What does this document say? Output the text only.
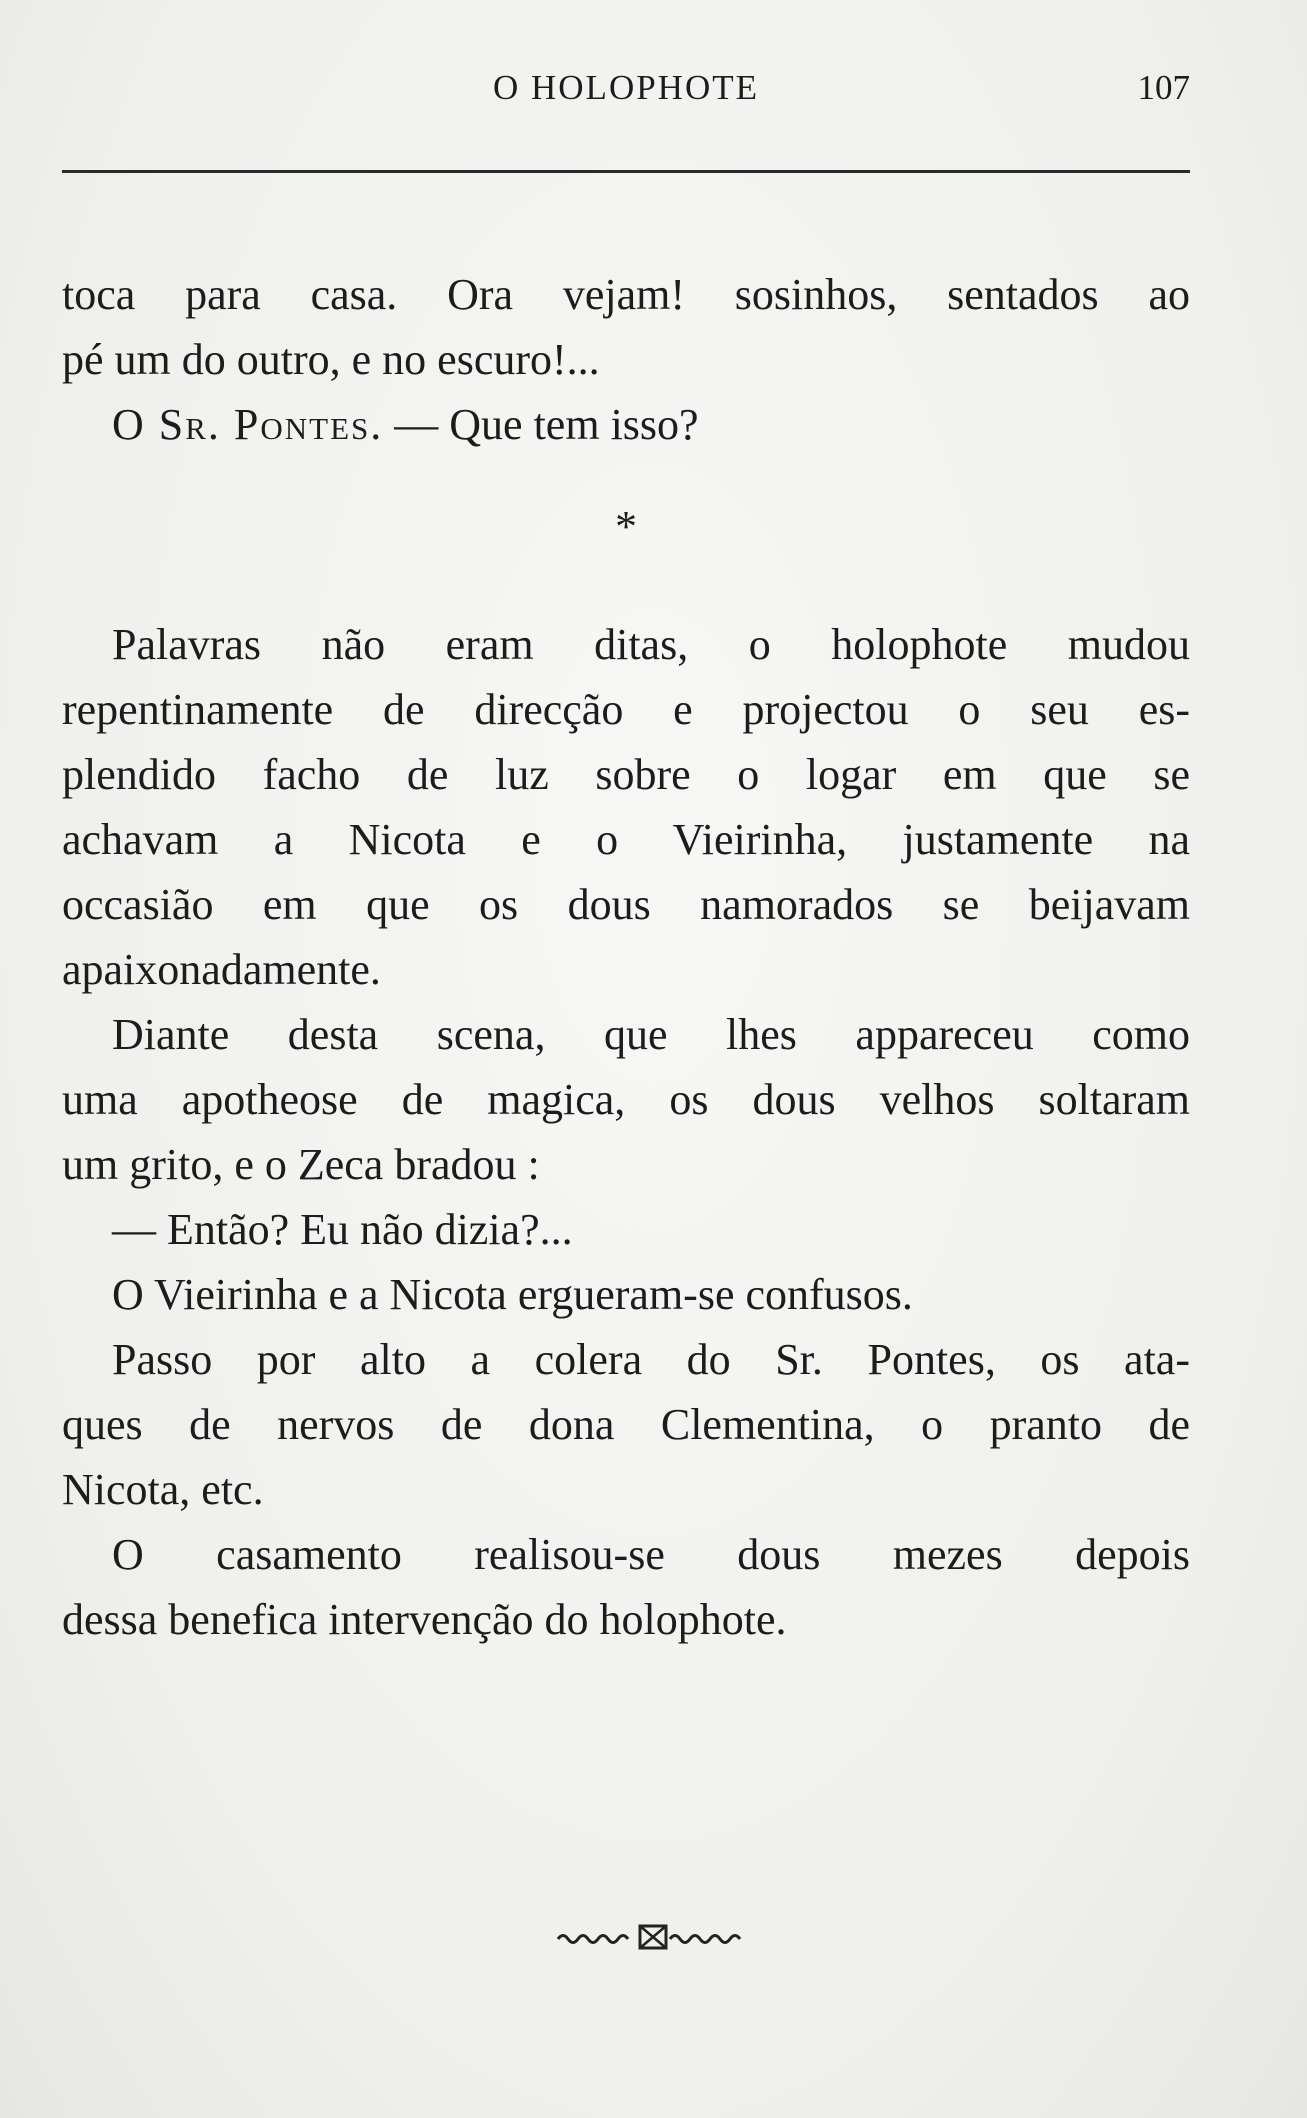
O HOLOPHOTE	107
toca para casa. Ora vejam! sosinhos, sentados ao
pé um do outro, e no escuro!...
O Sr. Pontes. — Que tem isso?
*
Palavras não eram ditas, o holophote mudou
repentinamente de direcção e projectou o seu es-
plendido facho de luz sobre o logar em que se
achavam a Nicota e o Vieirinha, justamente na
occasião em que os dous namorados se beijavam
apaixonadamente.
Diante desta scena, que lhes appareceu como
uma apotheose de magica, os dous velhos soltaram
um grito, e o Zeca bradou :
— Então? Eu não dizia?...
O Vieirinha e a Nicota ergueram-se confusos.
Passo por alto a colera do Sr. Pontes, os ata-
ques de nervos de dona Clementina, o pranto de
Nicota, etc.
O casamento realisou-se dous mezes depois
dessa benefica intervenção do holophote.
